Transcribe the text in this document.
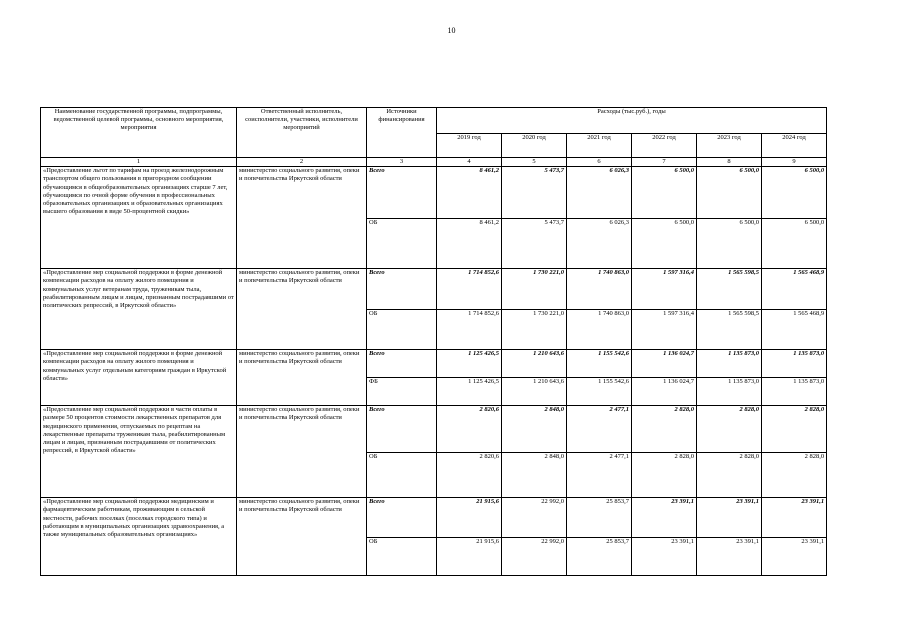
10
Наименование государственной программы, подпрограммы, ведомственной целевой программы, основного мероприятия, мероприятия	Ответственный исполнитель, соисполнители, участники, исполнители мероприятий	Источники финансирования	Расходы (тыс.руб.), годы					
			2019 год	2020 год	2021 год	2022 год	2023 год	2024 год
1	2	3	4	5	6	7	8	9
«Предоставление льгот по тарифам на проезд железнодорожным транспортом общего пользования в пригородном сообщении обучающимся в общеобразовательных организациях старше 7 лет, обучающимся по очной форме обучения в профессиональных образовательных организациях и образовательных организациях высшего образования в виде 50-процентной скидки»	министерство социального развития, опеки и попечительства Иркутской области	Всего	8 461,2	5 473,7	6 026,3	6 500,0	6 500,0	6 500,0
		ОБ	8 461,2	5 473,7	6 026,3	6 500,0	6 500,0	6 500,0
«Предоставление мер социальной поддержки в форме денежной компенсации расходов на оплату жилого помещения и коммунальных услуг ветеранам труда, труженикам тыла, реабилитированным лицам и лицам, признанным пострадавшими от политических репрессий, в Иркутской области»	министерство социального развития, опеки и попечительства Иркутской области	Всего	1 714 852,6	1 730 221,0	1 740 863,0	1 597 316,4	1 565 598,5	1 565 468,9
		ОБ	1 714 852,6	1 730 221,0	1 740 863,0	1 597 316,4	1 565 598,5	1 565 468,9
«Предоставление мер социальной поддержки в форме денежной компенсации расходов на оплату жилого помещения и коммунальных услуг отдельным категориям граждан в Иркутской области»	министерство социального развития, опеки и попечительства Иркутской области	Всего	1 125 426,5	1 210 643,6	1 155 542,6	1 136 024,7	1 135 873,0	1 135 873,0
		ФБ	1 125 426,5	1 210 643,6	1 155 542,6	1 136 024,7	1 135 873,0	1 135 873,0
«Предоставление мер социальной поддержки в части оплаты в размере 50 процентов стоимости лекарственных препаратов для медицинского применения, отпускаемых по рецептам на лекарственные препараты труженикам тыла, реабилитированным лицам и лицам, признанным пострадавшими от политических репрессий, в Иркутской области»	министерство социального развития, опеки и попечительства Иркутской области	Всего	2 820,6	2 848,0	2 477,1	2 828,0	2 828,0	2 828,0
		ОБ	2 820,6	2 848,0	2 477,1	2 828,0	2 828,0	2 828,0
«Предоставление мер социальной поддержки медицинским и фармацевтическим работникам, проживающим в сельской местности, рабочих поселках (поселках городского типа) и работающим в муниципальных организациях здравоохранения, а также муниципальных образовательных организациях»	министерство социального развития, опеки и попечительства Иркутской области	Всего	21 915,6	22 992,0	25 853,7	23 391,1	23 391,1	23 391,1
		ОБ	21 915,6	22 992,0	25 853,7	23 391,1	23 391,1	23 391,1
